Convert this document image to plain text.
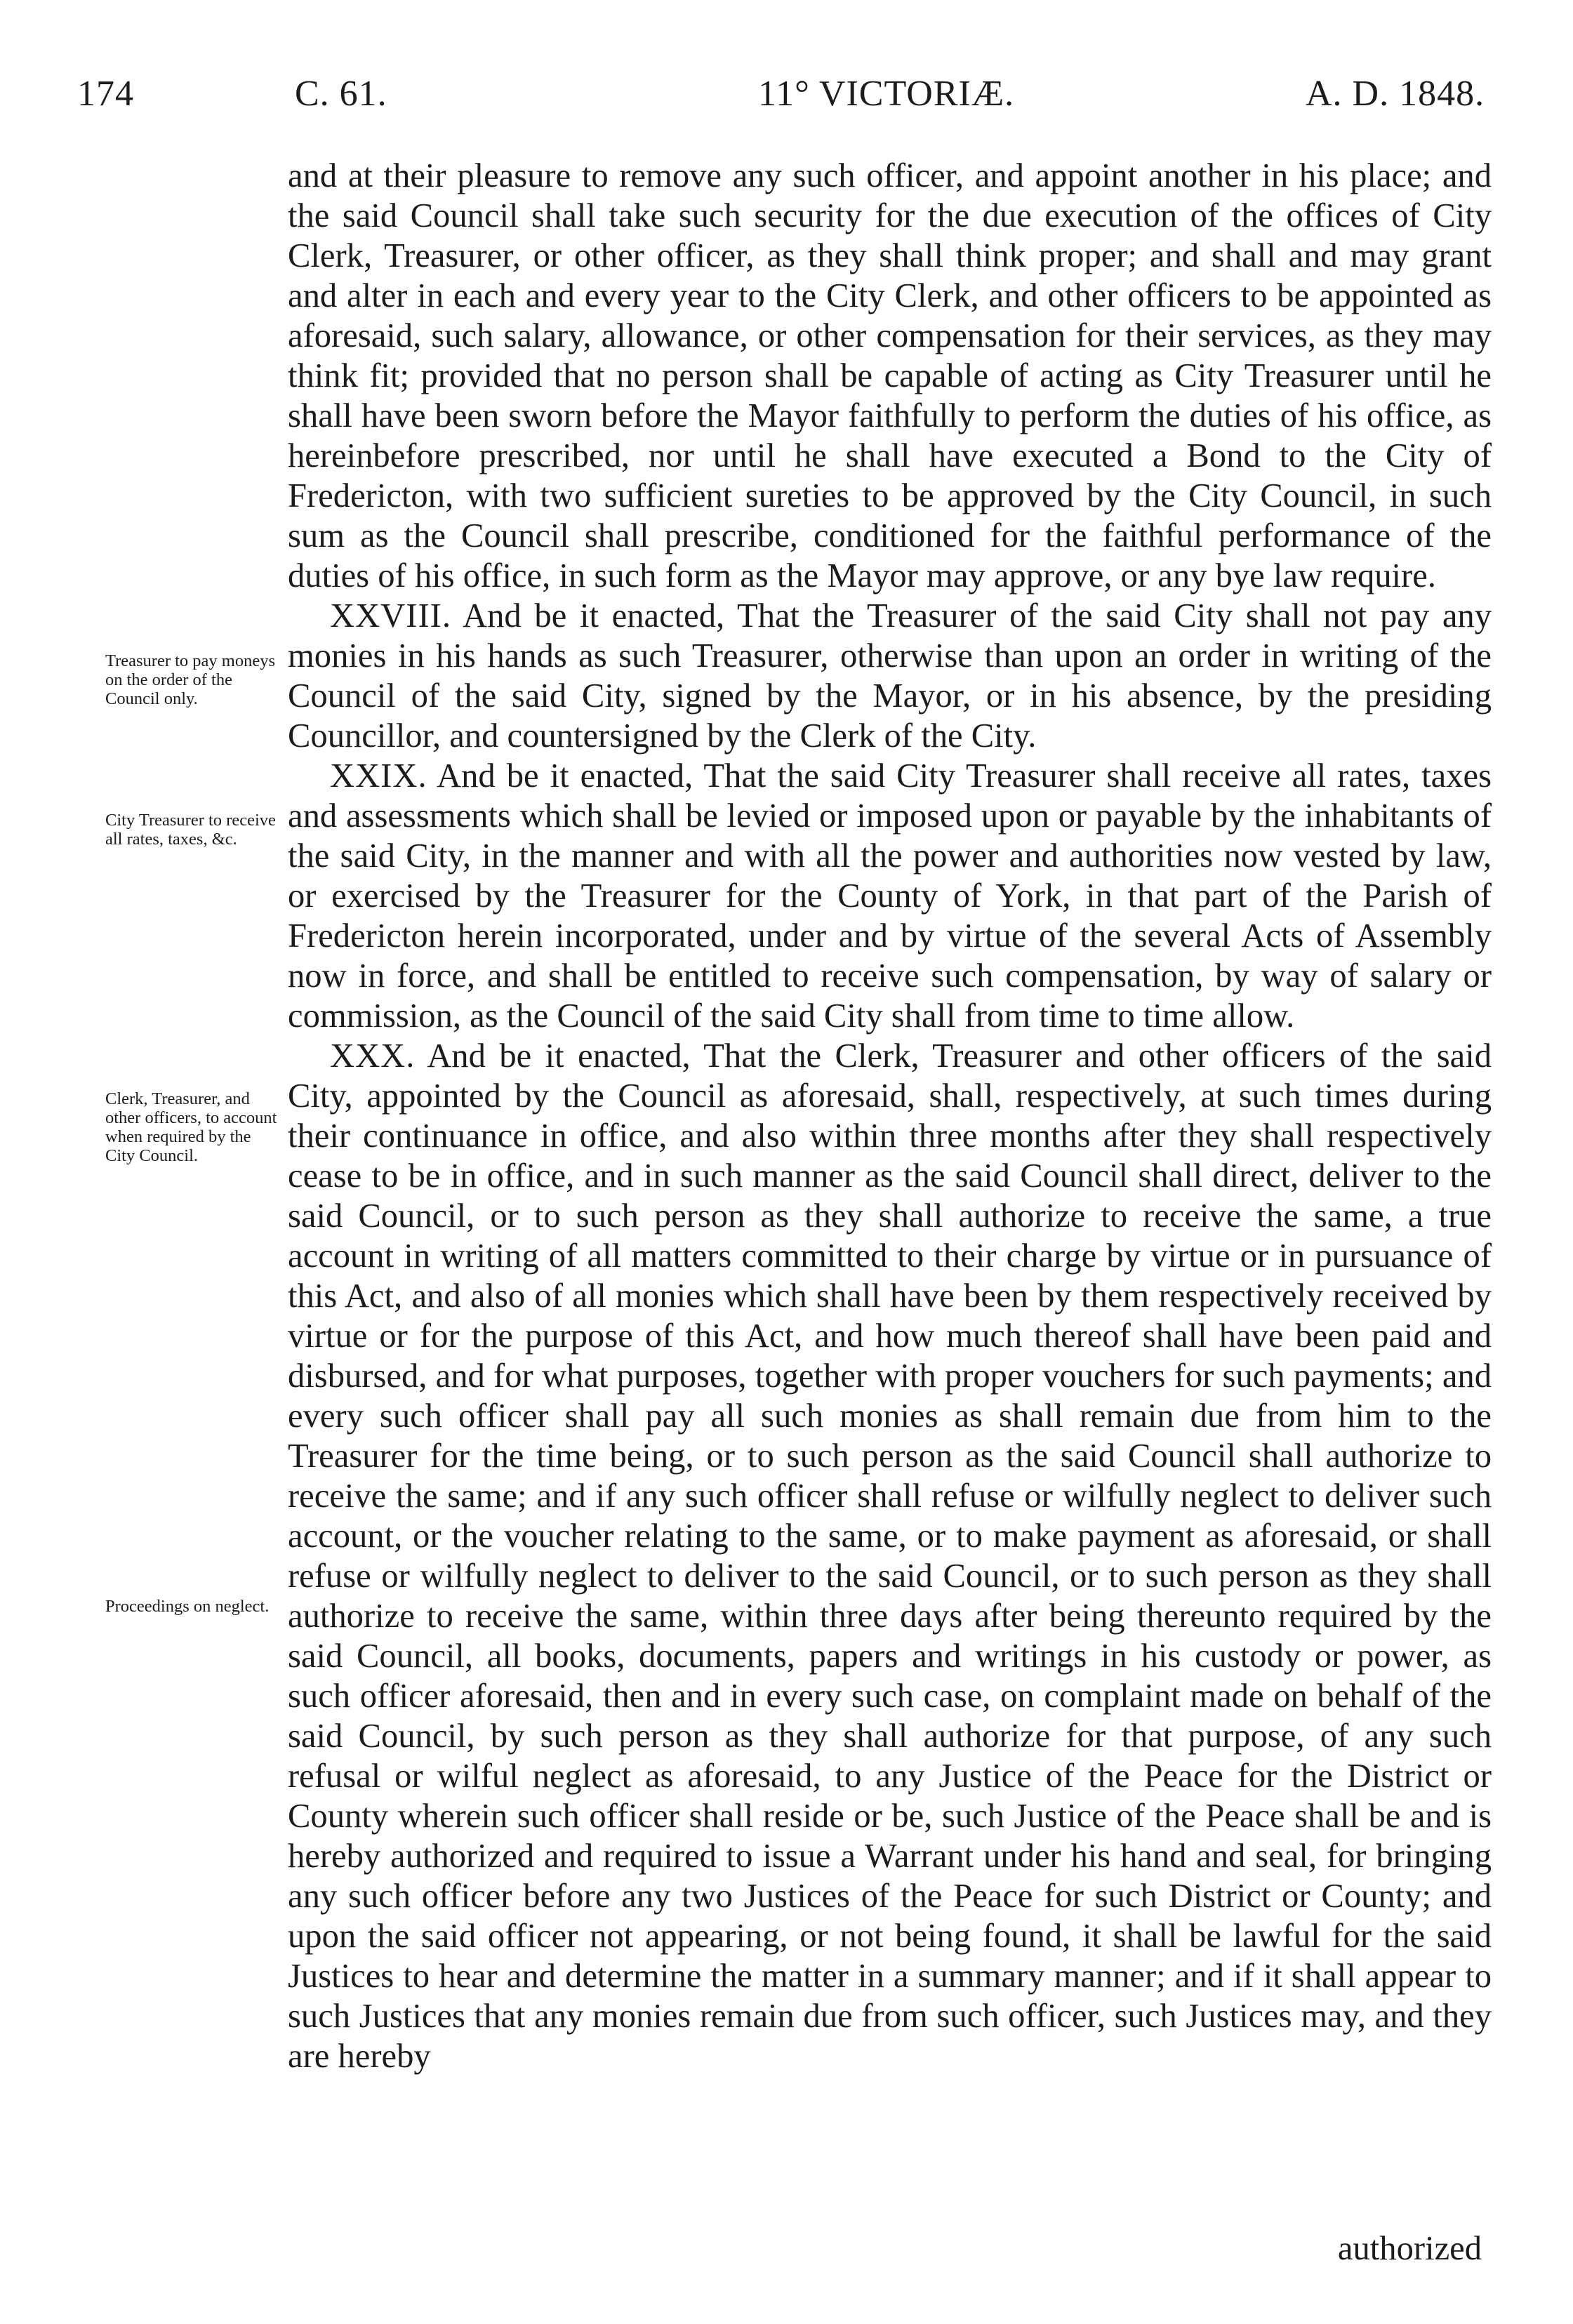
174	C. 61.	11° VICTORIÆ.	A. D. 1848.
Treasurer to pay moneys on the order of the Council only.
City Treasurer to receive all rates, taxes, &c.
Clerk, Treasurer, and other officers, to account when required by the City Council.
Proceedings on neglect.

and at their pleasure to remove any such officer, and appoint another in his place; and the said Council shall take such security for the due execution of the offices of City Clerk, Treasurer, or other officer, as they shall think proper; and shall and may grant and alter in each and every year to the City Clerk, and other officers to be appointed as aforesaid, such salary, allowance, or other compensation for their services, as they may think fit; provided that no person shall be capable of acting as City Treasurer until he shall have been sworn before the Mayor faithfully to perform the duties of his office, as hereinbefore prescribed, nor until he shall have executed a Bond to the City of Fredericton, with two sufficient sureties to be approved by the City Council, in such sum as the Council shall prescribe, conditioned for the faithful performance of the duties of his office, in such form as the Mayor may approve, or any bye law require.

XXVIII. And be it enacted, That the Treasurer of the said City shall not pay any monies in his hands as such Treasurer, otherwise than upon an order in writing of the Council of the said City, signed by the Mayor, or in his absence, by the presiding Councillor, and countersigned by the Clerk of the City.

XXIX. And be it enacted, That the said City Treasurer shall receive all rates, taxes and assessments which shall be levied or imposed upon or payable by the inhabitants of the said City, in the manner and with all the power and authorities now vested by law, or exercised by the Treasurer for the County of York, in that part of the Parish of Fredericton herein incorporated, under and by virtue of the several Acts of Assembly now in force, and shall be entitled to receive such compensation, by way of salary or commission, as the Council of the said City shall from time to time allow.

XXX. And be it enacted, That the Clerk, Treasurer and other officers of the said City, appointed by the Council as aforesaid, shall, respectively, at such times during their continuance in office, and also within three months after they shall respectively cease to be in office, and in such manner as the said Council shall direct, deliver to the said Council, or to such person as they shall authorize to receive the same, a true account in writing of all matters committed to their charge by virtue or in pursuance of this Act, and also of all monies which shall have been by them respectively received by virtue or for the purpose of this Act, and how much thereof shall have been paid and disbursed, and for what purposes, together with proper vouchers for such payments; and every such officer shall pay all such monies as shall remain due from him to the Treasurer for the time being, or to such person as the said Council shall authorize to receive the same; and if any such officer shall refuse or wilfully neglect to deliver such account, or the voucher relating to the same, or to make payment as aforesaid, or shall refuse or wilfully neglect to deliver to the said Council, or to such person as they shall authorize to receive the same, within three days after being thereunto required by the said Council, all books, documents, papers and writings in his custody or power, as such officer aforesaid, then and in every such case, on complaint made on behalf of the said Council, by such person as they shall authorize for that purpose, of any such refusal or wilful neglect as aforesaid, to any Justice of the Peace for the District or County wherein such officer shall reside or be, such Justice of the Peace shall be and is hereby authorized and required to issue a Warrant under his hand and seal, for bringing any such officer before any two Justices of the Peace for such District or County; and upon the said officer not appearing, or not being found, it shall be lawful for the said Justices to hear and determine the matter in a summary manner; and if it shall appear to such Justices that any monies remain due from such officer, such Justices may, and they are hereby

authorized
